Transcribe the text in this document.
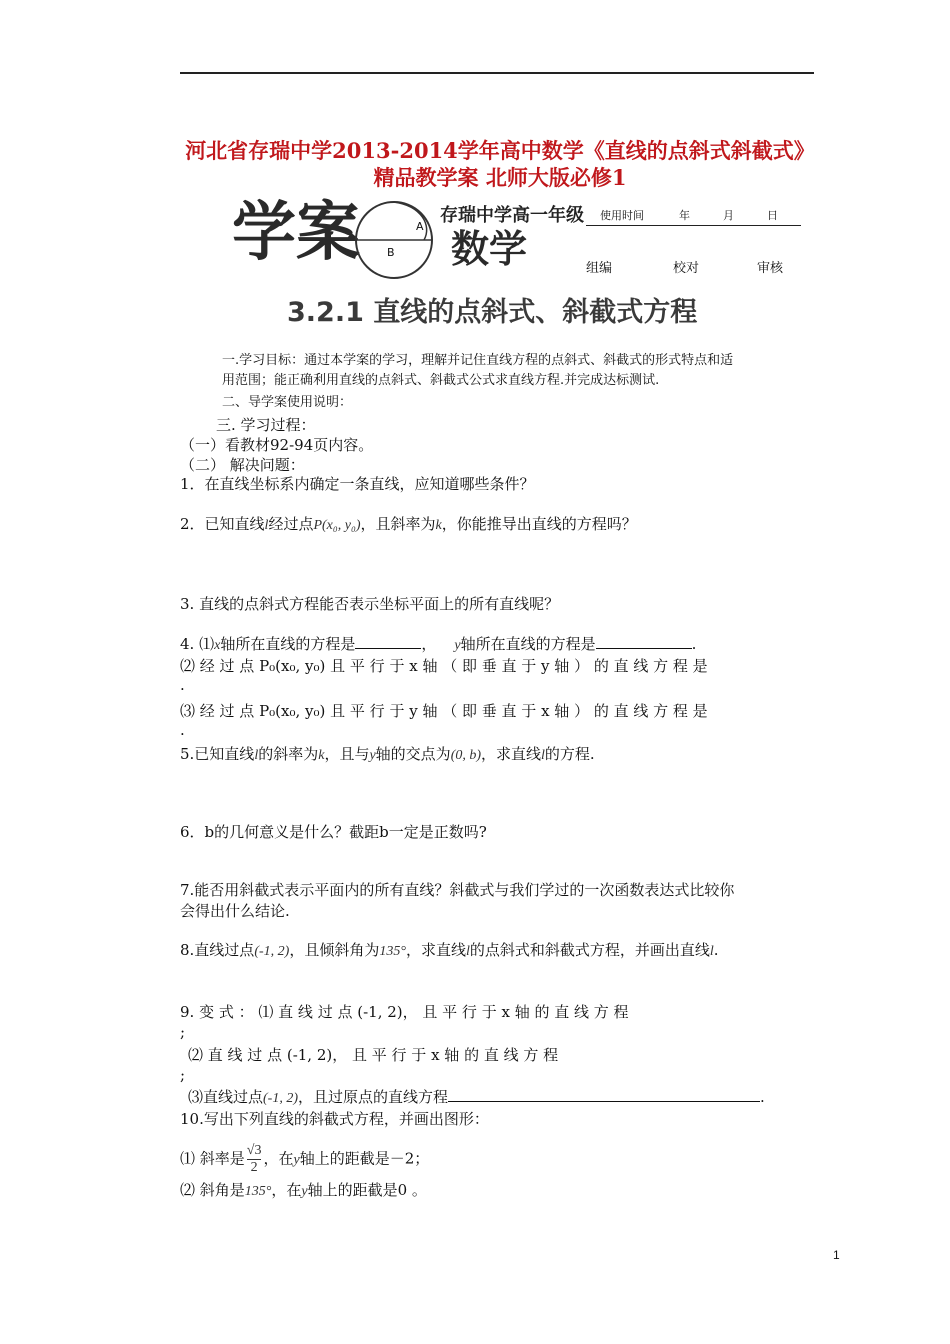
河北省存瑞中学2013-2014学年高中数学《直线的点斜式斜截式》
精品教学案 北师大版必修1
学案	A
B
存瑞中学高一年级
数学
使用时间	年	月	日
组编	校对	审核
3.2.1 直线的点斜式、斜截式方程
一.学习目标：通过本学案的学习，理解并记住直线方程的点斜式、斜截式的形式特点和适
用范围；能正确利用直线的点斜式、斜截式公式求直线方程.并完成达标测试.
二、导学案使用说明：
三. 学习过程：
（一）看教材92-94页内容。
（二） 解决问题：
1．在直线坐标系内确定一条直线，应知道哪些条件？
2．已知直线l经过点P(x₀, y₀)，且斜率为k，你能推导出直线的方程吗？
3. 直线的点斜式方程能否表示坐标平面上的所有直线呢？
4. ⑴x轴所在直线的方程是	， y轴所在直线的方程是	.
⑵ 经 过 点 P₀(x₀, y₀) 且 平 行 于 x 轴 （ 即 垂 直 于 y 轴 ） 的 直 线 方 程 是
.
⑶ 经 过 点 P₀(x₀, y₀) 且 平 行 于 y 轴 （ 即 垂 直 于 x 轴 ） 的 直 线 方 程 是
.
5.已知直线l的斜率为k，且与y轴的交点为(0, b)，求直线l的方程.
6．b的几何意义是什么？截距b一定是正数吗?
7.能否用斜截式表示平面内的所有直线？斜截式与我们学过的一次函数表达式比较你
会得出什么结论.
8.直线过点(-1, 2)，且倾斜角为135°，求直线l的点斜式和斜截式方程，并画出直线l.
9. 变 式 ： ⑴ 直 线 过 点 (-1, 2)， 且 平 行 于 x 轴 的 直 线 方 程
;
⑵ 直 线 过 点 (-1, 2)， 且 平 行 于 x 轴 的 直 线 方 程
;
⑶直线过点(-1, 2)，且过原点的直线方程	.
10.写出下列直线的斜截式方程，并画出图形：
⑴ 斜率是 $\frac{√3}{2}$ ，在y轴上的距截是－2；
⑵ 斜角是135°，在y轴上的距截是0 。
1
